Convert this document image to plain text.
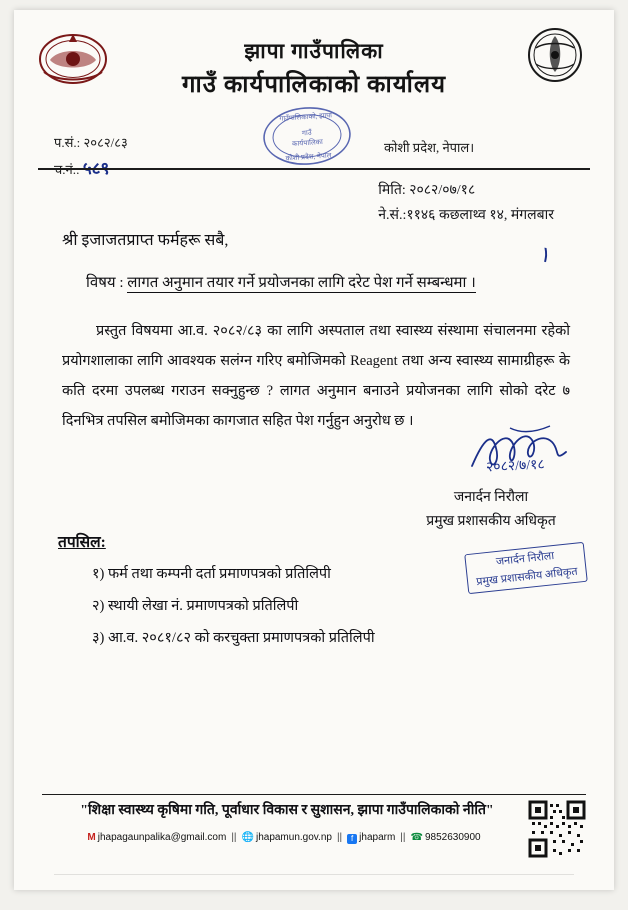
झापा गाउँपालिका
गाउँ कार्यपालिकाको कार्यालय
गाउँपालिकाको, झापा
गाउँ
कार्यपालिका
कोशी प्रदेश, नेपाल
प.सं.: २०८२/८३
च.नं.: ५८९
कोशी प्रदेश, नेपाल।
मिति: २०८२/०७/१८
ने.सं.:११४६ कछलाथ्व १४, मंगलबार
श्री इजाजतप्राप्त फर्महरू सबै,
۱
विषय : लागत अनुमान तयार गर्ने प्रयोजनका लागि दरेट पेश गर्ने सम्बन्धमा ।
प्रस्तुत विषयमा आ.व. २०८२/८३ का लागि अस्पताल तथा स्वास्थ्य संस्थामा संचालनमा रहेको प्रयोगशालाका लागि आवश्यक सलंग्न गरिए बमोजिमको Reagent तथा अन्य स्वास्थ्य सामाग्रीहरू के कति दरमा उपलब्ध गराउन सक्नुहुन्छ ? लागत अनुमान बनाउने प्रयोजनका लागि सोको दरेट ७ दिनभित्र तपसिल बमोजिमका कागजात सहित पेश गर्नुहुन अनुरोध छ ।
२०८२/७/१८
जनार्दन निरौला
प्रमुख प्रशासकीय अधिकृत
जनार्दन निरौला
प्रमुख प्रशासकीय अधिकृत
तपसिल:
१) फर्म तथा कम्पनी दर्ता प्रमाणपत्रको प्रतिलिपी
२) स्थायी लेखा नं. प्रमाणपत्रको प्रतिलिपी
३) आ.व. २०८१/८२ को करचुक्ता प्रमाणपत्रको प्रतिलिपी
"शिक्षा स्वास्थ्य कृषिमा गति, पूर्वाधार विकास र सुशासन, झापा गाउँपालिकाको नीति"
M jhapagaunpalika@gmail.com || 🌐 jhapamun.gov.np || f jhaparm || ☎ 9852630900
